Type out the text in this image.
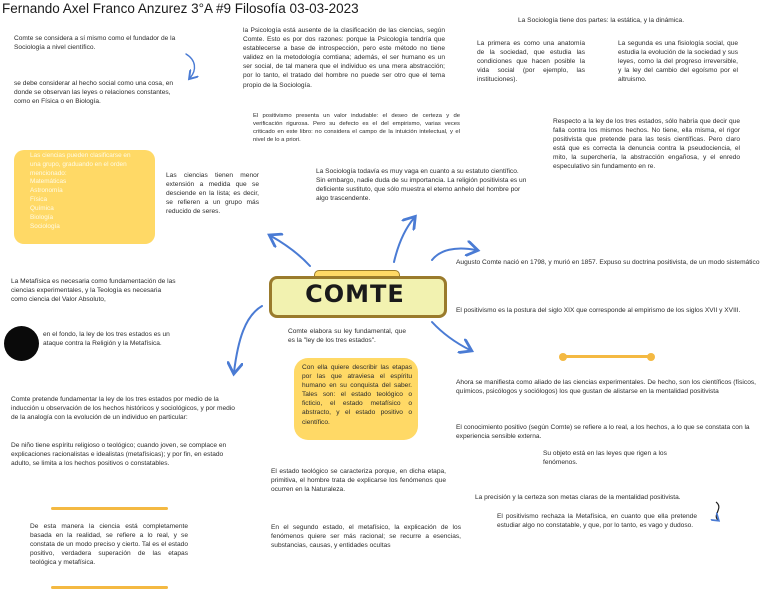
Fernando Axel Franco Anzurez 3°A #9 Filosofía 03-03-2023
Comte se considera a sí mismo como el fundador de la Sociología a nivel científico.
se debe considerar al hecho social como una cosa, en donde se observan las leyes o relaciones constantes, como en Física o en Biología.
Las ciencias pueden clasificarse en una grupo, graduando en el orden mencionado:
Matemáticas
Astronomía
Física
Química
Biología
Sociología
Las ciencias tienen menor extensión a medida que se desciende en la lista; es decir, se refieren a un grupo más reducido de seres.
La Metafísica es necesaria como fundamentación de las ciencias experimentales, y la Teología es necesaria como ciencia del Valor Absoluto,
en el fondo, la ley de los tres estados es un ataque contra la Religión y la Metafísica.
Comte pretende fundamentar la ley de los tres estados por medio de la inducción u observación de los hechos históricos y sociológicos, y por medio de la analogía con la evolución de un individuo en particular:
De niño tiene espíritu religioso o teológico; cuando joven, se complace en explicaciones racionalistas e idealistas (metafísicas); y por fin, en estado adulto, se limita a los hechos positivos o constatables.
De esta manera la ciencia está completamente basada en la realidad, se refiere a lo real, y se constata de un modo preciso y cierto. Tal es el estado positivo, verdadera superación de las etapas teológica y metafísica.
la Psicología está ausente de la clasificación de las ciencias, según Comte. Esto es por dos razones: porque la Psicología tendría que establecerse a base de introspección, pero este método no tiene validez en la metodología comtiana; además, el ser humano es un ser social, de tal manera que el individuo es una mera abstracción; por lo tanto, el tratado del hombre no puede ser otro que el tema propio de la Sociología.
El positivismo presenta un valor indudable: el deseo de certeza y de verificación rigurosa. Pero su defecto es el del empirismo, varias veces criticado en este libro: no considera el campo de la intuición intelectual, y el nivel de lo a priori.
La Sociología todavía es muy vaga en cuanto a su estatuto científico. Sin embargo, nadie duda de su importancia. La religión positivista es un deficiente sustituto, que sólo muestra el eterno anhelo del hombre por algo trascendente.
La Sociología tiene dos partes: la estática, y la dinámica.
La primera es como una anatomía de la sociedad, que estudia las condiciones que hacen posible la vida social (por ejemplo, las instituciones).
La segunda es una fisiología social, que estudia la evolución de la sociedad y sus leyes, como la del progreso irreversible, y la ley del cambio del egoísmo por el altruismo.
Respecto a la ley de los tres estados, sólo habría que decir que falla contra los mismos hechos. No tiene, ella misma, el rigor positivista que pretende para las tesis científicas. Pero claro está que es correcta la denuncia contra la pseudociencia, el mito, la superchería, la abstracción engañosa, y el enredo especulativo sin fundamento en re.
COMTE
Comte elabora su ley fundamental, que es la "ley de los tres estados".
Con ella quiere describir las etapas por las que atraviesa el espíritu humano en su conquista del saber. Tales son: el estado teológico o ficticio, el estado metafísico o abstracto, y el estado positivo o científico.
El estado teológico se caracteriza porque, en dicha etapa, primitiva, el hombre trata de explicarse los fenómenos que ocurren en la Naturaleza.
En el segundo estado, el metafísico, la explicación de los fenómenos quiere ser más racional; se recurre a esencias, substancias, causas, y entidades ocultas
Augusto Comte nació en 1798, y murió en 1857. Expuso su doctrina positivista, de un modo sistemático
El positivismo es la postura del siglo XIX que corresponde al empirismo de los siglos XVII y XVIII.
Ahora se manifiesta como aliado de las ciencias experimentales. De hecho, son los científicos (físicos, químicos, psicólogos y sociólogos) los que gustan de alistarse en la mentalidad positivista
El conocimiento positivo (según Comte) se refiere a lo real, a los hechos, a lo que se constata con la experiencia sensible externa.
Su objeto está en las leyes que rigen a los fenómenos.
La precisión y la certeza son metas claras de la mentalidad positivista.
El positivismo rechaza la Metafísica, en cuanto que ella pretende estudiar algo no constatable, y que, por lo tanto, es vago y dudoso.
